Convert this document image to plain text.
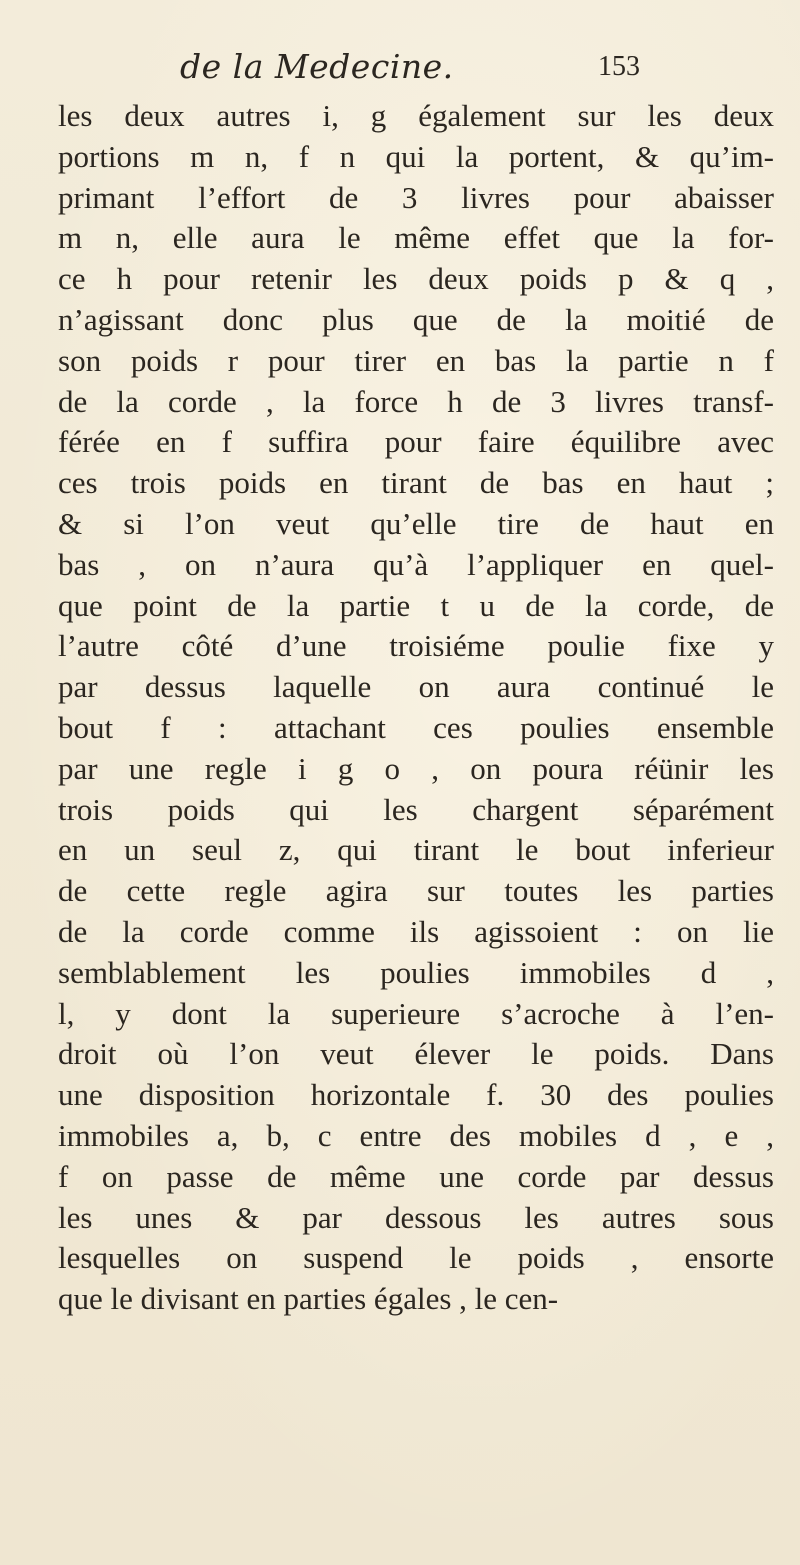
de la Medecine.	153
les deux autres i, g également sur les deux
portions m n, f n qui la portent, & qu’im-
primant l’effort de 3 livres pour abaisser
m n, elle aura le même effet que la for-
ce h pour retenir les deux poids p & q ,
n’agissant donc plus que de la moitié de
son poids r pour tirer en bas la partie n f
de la corde , la force h de 3 livres transf-
férée en f suffira pour faire équilibre avec
ces trois poids en tirant de bas en haut ;
& si l’on veut qu’elle tire de haut en
bas , on n’aura qu’à l’appliquer en quel-
que point de la partie t u de la corde, de
l’autre côté d’une troisiéme poulie fixe y
par dessus laquelle on aura continué le
bout f : attachant ces poulies ensemble
par une regle i g o , on poura réünir les
trois poids qui les chargent séparément
en un seul z, qui tirant le bout inferieur
de cette regle agira sur toutes les parties
de la corde comme ils agissoient : on lie
semblablement les poulies immobiles d ,
l, y dont la superieure s’acroche à l’en-
droit où l’on veut élever le poids. Dans
une disposition horizontale f. 30 des poulies
immobiles a, b, c entre des mobiles d , e ,
f on passe de même une corde par dessus
les unes & par dessous les autres sous
lesquelles on suspend le poids , ensorte
que le divisant en parties égales , le cen-
